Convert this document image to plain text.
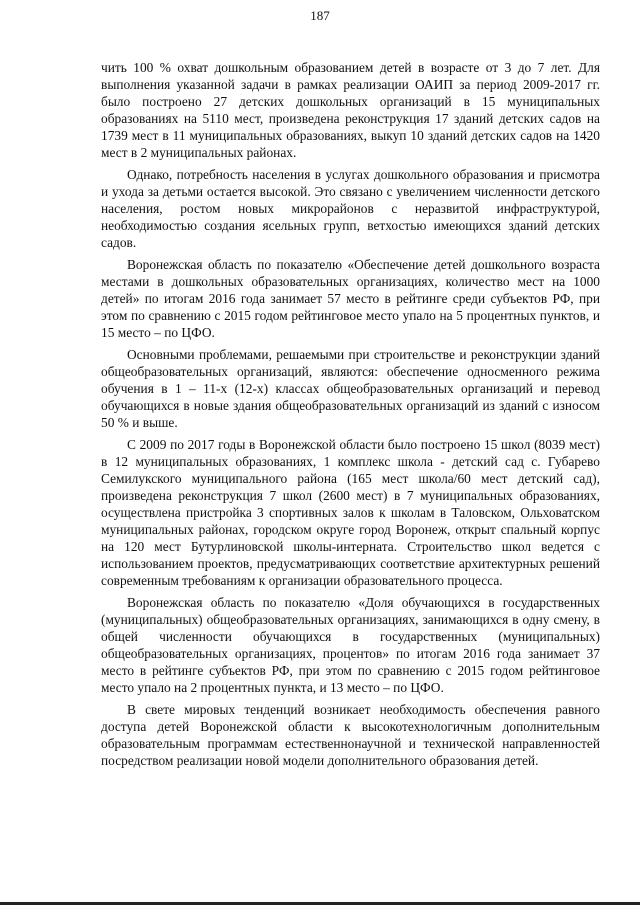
187

чить 100 % охват дошкольным образованием детей в возрасте от 3 до 7 лет. Для выполнения указанной задачи в рамках реализации ОАИП за период 2009-2017 гг. было построено 27 детских дошкольных организаций в 15 муниципальных образованиях на 5110 мест, произведена реконструкция 17 зданий детских садов на 1739 мест в 11 муниципальных образованиях, выкуп 10 зданий детских садов на 1420 мест в 2 муниципальных районах.

Однако, потребность населения в услугах дошкольного образования и присмотра и ухода за детьми остается высокой. Это связано с увеличением численности детского населения, ростом новых микрорайонов с неразвитой инфраструктурой, необходимостью создания ясельных групп, ветхостью имеющихся зданий детских садов.

Воронежская область по показателю «Обеспечение детей дошкольного возраста местами в дошкольных образовательных организациях, количество мест на 1000 детей» по итогам 2016 года занимает 57 место в рейтинге среди субъектов РФ, при этом по сравнению с 2015 годом рейтинговое место упало на 5 процентных пунктов, и 15 место – по ЦФО.

Основными проблемами, решаемыми при строительстве и реконструкции зданий общеобразовательных организаций, являются: обеспечение односменного режима обучения в 1 – 11-х (12-х) классах общеобразовательных организаций и перевод обучающихся в новые здания общеобразовательных организаций из зданий с износом 50 % и выше.

С 2009 по 2017 годы в Воронежской области было построено 15 школ (8039 мест) в 12 муниципальных образованиях, 1 комплекс школа - детский сад с. Губарево Семилукского муниципального района (165 мест школа/60 мест детский сад), произведена реконструкция 7 школ (2600 мест) в 7 муниципальных образованиях, осуществлена пристройка 3 спортивных залов к школам в Таловском, Ольховатском муниципальных районах, городском округе город Воронеж, открыт спальный корпус на 120 мест Бутурлиновской школы-интерната. Строительство школ ведется с использованием проектов, предусматривающих соответствие архитектурных решений современным требованиям к организации образовательного процесса.

Воронежская область по показателю «Доля обучающихся в государственных (муниципальных) общеобразовательных организациях, занимающихся в одну смену, в общей численности обучающихся в государственных (муниципальных) общеобразовательных организациях, процентов» по итогам 2016 года занимает 37 место в рейтинге субъектов РФ, при этом по сравнению с 2015 годом рейтинговое место упало на 2 процентных пункта, и 13 место – по ЦФО.

В свете мировых тенденций возникает необходимость обеспечения равного доступа детей Воронежской области к высокотехнологичным дополнительным образовательным программам естественнонаучной и технической направленностей посредством реализации новой модели дополнительного образования детей.
